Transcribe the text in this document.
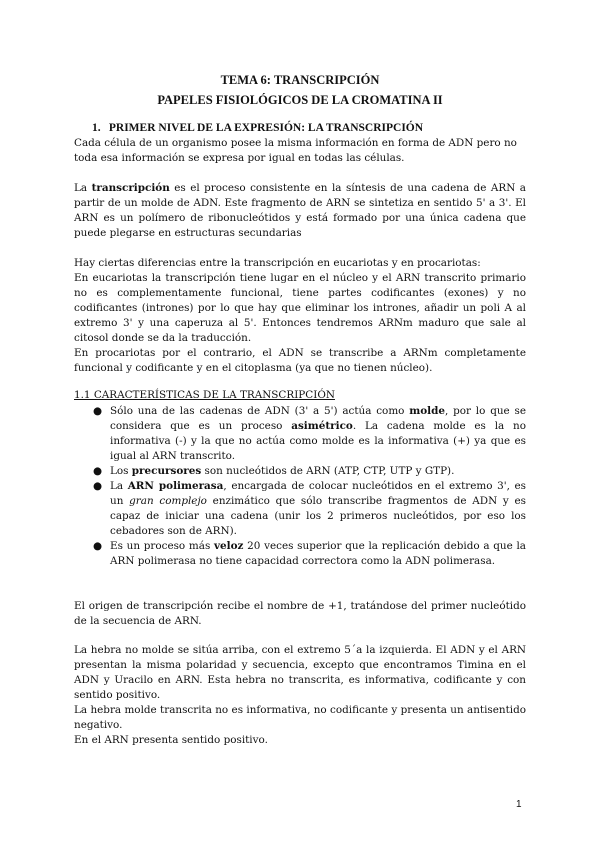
TEMA 6: TRANSCRIPCIÓN
PAPELES FISIOLÓGICOS DE LA CROMATINA II
1. PRIMER NIVEL DE LA EXPRESIÓN: LA TRANSCRIPCIÓN
Cada célula de un organismo posee la misma información en forma de ADN pero no toda esa información se expresa por igual en todas las células.
La transcripción es el proceso consistente en la síntesis de una cadena de ARN a partir de un molde de ADN. Este fragmento de ARN se sintetiza en sentido 5' a 3'. El ARN es un polímero de ribonucleótidos y está formado por una única cadena que puede plegarse en estructuras secundarias
Hay ciertas diferencias entre la transcripción en eucariotas y en procariotas:
En eucariotas la transcripción tiene lugar en el núcleo y el ARN transcrito primario no es complementamente funcional, tiene partes codificantes (exones) y no codificantes (intrones) por lo que hay que eliminar los intrones, añadir un poli A al extremo 3' y una caperuza al 5'. Entonces tendremos ARNm maduro que sale al citosol donde se da la traducción.
En procariotas por el contrario, el ADN se transcribe a ARNm completamente funcional y codificante y en el citoplasma (ya que no tienen núcleo).
1.1 CARACTERÍSTICAS DE LA TRANSCRIPCIÓN
● Sólo una de las cadenas de ADN (3' a 5') actúa como molde, por lo que se considera que es un proceso asimétrico. La cadena molde es la no informativa (-) y la que no actúa como molde es la informativa (+) ya que es igual al ARN transcrito.
● Los precursores son nucleótidos de ARN (ATP, CTP, UTP y GTP).
● La ARN polimerasa, encargada de colocar nucleótidos en el extremo 3', es un gran complejo enzimático que sólo transcribe fragmentos de ADN y es capaz de iniciar una cadena (unir los 2 primeros nucleótidos, por eso los cebadores son de ARN).
● Es un proceso más veloz 20 veces superior que la replicación debido a que la ARN polimerasa no tiene capacidad correctora como la ADN polimerasa.
El origen de transcripción recibe el nombre de +1, tratándose del primer nucleótido de la secuencia de ARN.
La hebra no molde se sitúa arriba, con el extremo 5´a la izquierda. El ADN y el ARN presentan la misma polaridad y secuencia, excepto que encontramos Timina en el ADN y Uracilo en ARN. Esta hebra no transcrita, es informativa, codificante y con sentido positivo.
La hebra molde transcrita no es informativa, no codificante y presenta un antisentido negativo.
En el ARN presenta sentido positivo.
1
